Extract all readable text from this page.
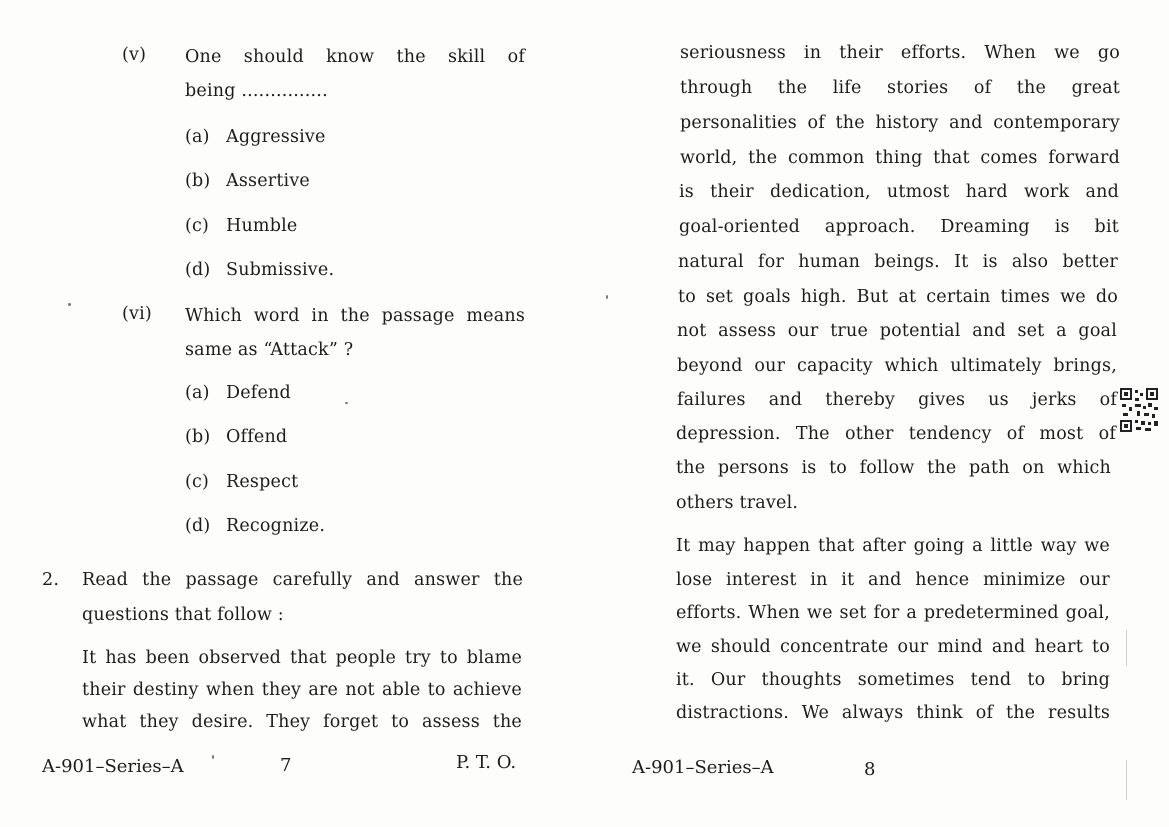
(v) One should know the skill of
being ...............
(a) Aggressive
(b) Assertive
(c) Humble
(d) Submissive.
(vi) Which word in the passage means
same as “Attack” ?
(a) Defend
(b) Offend
(c) Respect
(d) Recognize.
2. Read the passage carefully and answer the
questions that follow :
It has been observed that people try to blame
their destiny when they are not able to achieve
what they desire. They forget to assess the
A-901–Series–A	7	P. T. O.
seriousness in their efforts. When we go
through the life stories of the great
personalities of the history and contemporary
world, the common thing that comes forward
is their dedication, utmost hard work and
goal-oriented approach. Dreaming is bit
natural for human beings. It is also better
to set goals high. But at certain times we do
not assess our true potential and set a goal
beyond our capacity which ultimately brings,
failures and thereby gives us jerks of
depression. The other tendency of most of
the persons is to follow the path on which
others travel.
It may happen that after going a little way we
lose interest in it and hence minimize our
efforts. When we set for a predetermined goal,
we should concentrate our mind and heart to
it. Our thoughts sometimes tend to bring
distractions. We always think of the results
A-901–Series–A	8
